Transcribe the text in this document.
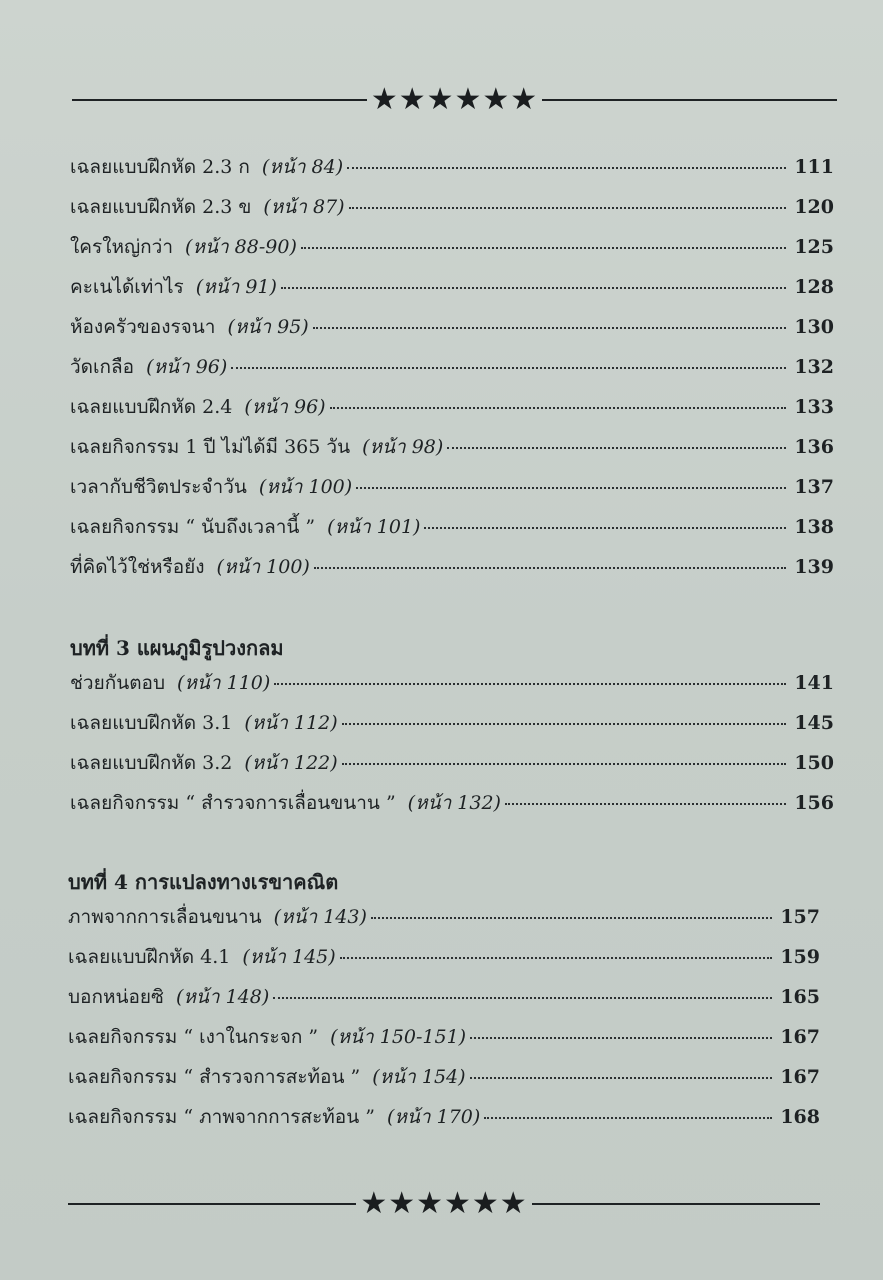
★★★★★★
เฉลยแบบฝึกหัด 2.3 ก (หน้า 84)	111
เฉลยแบบฝึกหัด 2.3 ข (หน้า 87)	120
ใครใหญ่กว่า (หน้า 88-90)	125
คะเนได้เท่าไร (หน้า 91)	128
ห้องครัวของรจนา (หน้า 95)	130
วัดเกลือ (หน้า 96)	132
เฉลยแบบฝึกหัด 2.4 (หน้า 96)	133
เฉลยกิจกรรม 1 ปี ไม่ได้มี 365 วัน (หน้า 98)	136
เวลากับชีวิตประจำวัน (หน้า 100)	137
เฉลยกิจกรรม “ นับถึงเวลานี้ ” (หน้า 101)	138
ที่คิดไว้ใช่หรือยัง (หน้า 100)	139
บทที่ 3 แผนภูมิรูปวงกลม
ช่วยกันตอบ (หน้า 110)	141
เฉลยแบบฝึกหัด 3.1 (หน้า 112)	145
เฉลยแบบฝึกหัด 3.2 (หน้า 122)	150
เฉลยกิจกรรม “ สำรวจการเลื่อนขนาน ” (หน้า 132)	156
บทที่ 4 การแปลงทางเรขาคณิต
ภาพจากการเลื่อนขนาน (หน้า 143)	157
เฉลยแบบฝึกหัด 4.1 (หน้า 145)	159
บอกหน่อยซิ (หน้า 148)	165
เฉลยกิจกรรม “ เงาในกระจก ” (หน้า 150-151)	167
เฉลยกิจกรรม “ สำรวจการสะท้อน ” (หน้า 154)	167
เฉลยกิจกรรม “ ภาพจากการสะท้อน ” (หน้า 170)	168
★★★★★★
